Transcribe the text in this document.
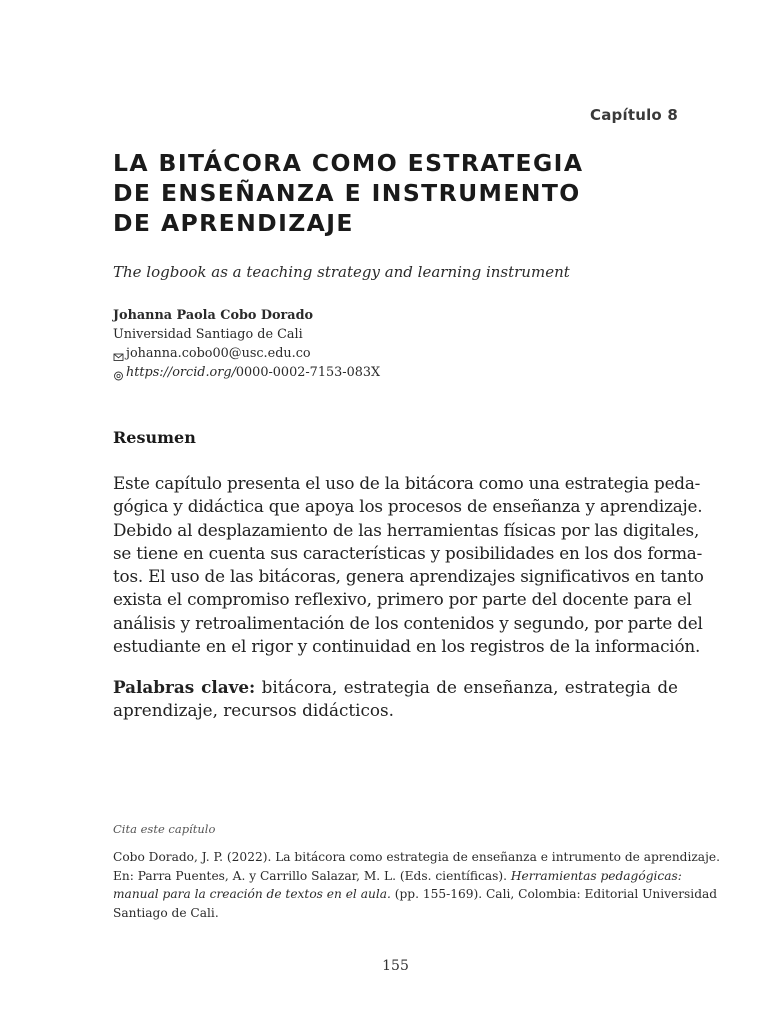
Capítulo 8
LA BITÁCORA COMO ESTRATEGIA
DE ENSEÑANZA E INSTRUMENTO
DE APRENDIZAJE
The logbook as a teaching strategy and learning instrument
Johanna Paola Cobo Dorado
Universidad Santiago de Cali
johanna.cobo00@usc.edu.co
https://orcid.org/0000-0002-7153-083X
Resumen
Este capítulo presenta el uso de la bitácora como una estrategia peda-
gógica y didáctica que apoya los procesos de enseñanza y aprendizaje.
Debido al desplazamiento de las herramientas físicas por las digitales,
se tiene en cuenta sus características y posibilidades en los dos forma-
tos. El uso de las bitácoras, genera aprendizajes significativos en tanto
exista el compromiso reflexivo, primero por parte del docente para el
análisis y retroalimentación de los contenidos y segundo, por parte del
estudiante en el rigor y continuidad en los registros de la información.
Palabras clave: bitácora, estrategia de enseñanza, estrategia de
aprendizaje, recursos didácticos.
Cita este capítulo
Cobo Dorado, J. P. (2022). La bitácora como estrategia de enseñanza e intrumento de aprendizaje.
En: Parra Puentes, A. y Carrillo Salazar, M. L. (Eds. científicas). Herramientas pedagógicas:
manual para la creación de textos en el aula. (pp. 155-169). Cali, Colombia: Editorial Universidad
Santiago de Cali.
155
